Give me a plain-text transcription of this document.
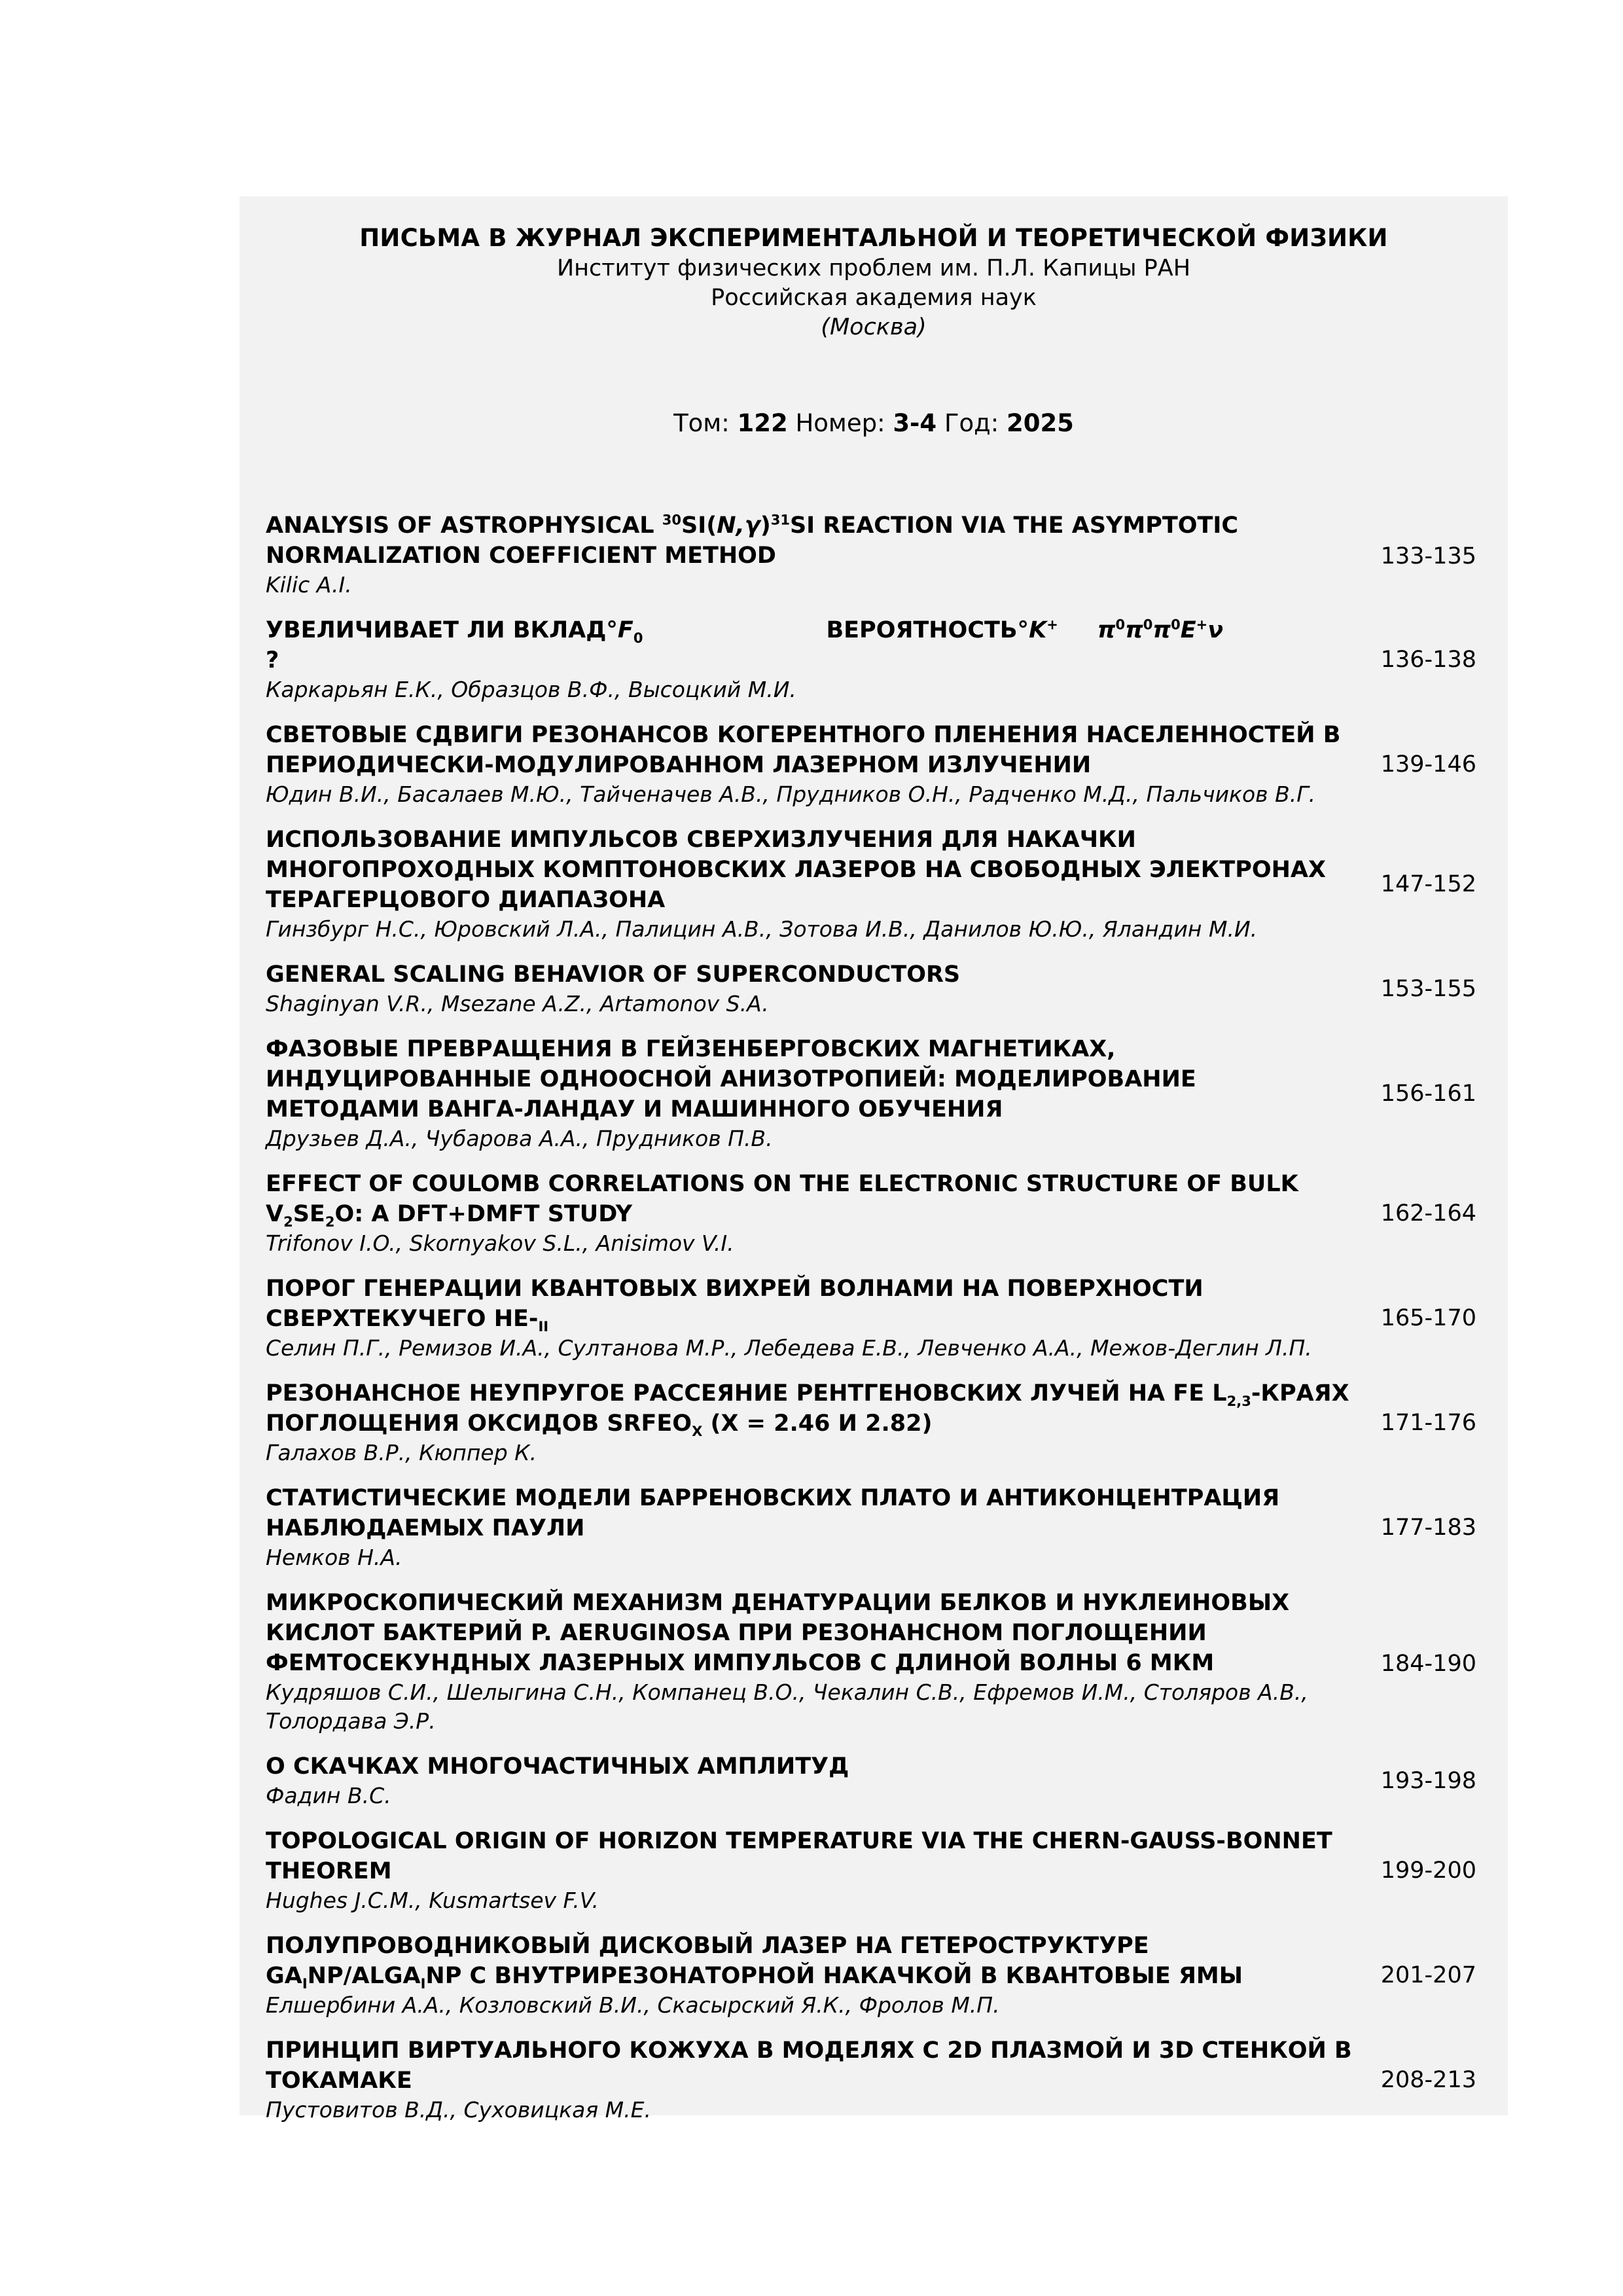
ПИСЬМА В ЖУРНАЛ ЭКСПЕРИМЕНТАЛЬНОЙ И ТЕОРЕТИЧЕСКОЙ ФИЗИКИ
Институт физических проблем им. П.Л. Капицы РАН
Российская академия наук
(Москва)
Том: 122 Номер: 3-4 Год: 2025
ANALYSIS OF ASTROPHYSICAL $^{30}SI(N,\gamma)^{31}SI$ REACTION VIA THE ASYMPTOTIC NORMALIZATION COEFFICIENT METHOD
Kilic A.I.
133-135
УВЕЛИЧИВАЕТ ЛИ $ВКЛАД^\circ F_0$	ВЕРОЯТНОСТЬ°K+ $\pi^0\pi^0\pi^0E^+\nu$?
Каркарьян Е.К., Образцов В.Ф., Высоцкий М.И.
136-138
СВЕТОВЫЕ СДВИГИ РЕЗОНАНСОВ КОГЕРЕНТНОГО ПЛЕНЕНИЯ НАСЕЛЕННОСТЕЙ В ПЕРИОДИЧЕСКИ-МОДУЛИРОВАННОМ ЛАЗЕРНОМ ИЗЛУЧЕНИИ
Юдин В.И., Басалаев М.Ю., Тайченачев А.В., Прудников О.Н., Радченко М.Д., Пальчиков В.Г.
139-146
ИСПОЛЬЗОВАНИЕ ИМПУЛЬСОВ СВЕРХИЗЛУЧЕНИЯ ДЛЯ НАКАЧКИ МНОГОПРОХОДНЫХ КОМПТОНОВСКИХ ЛАЗЕРОВ НА СВОБОДНЫХ ЭЛЕКТРОНАХ ТЕРАГЕРЦОВОГО ДИАПАЗОНА
Гинзбург Н.С., Юровский Л.А., Палицин А.В., Зотова И.В., Данилов Ю.Ю., Яландин М.И.
147-152
GENERAL SCALING BEHAVIOR OF SUPERCONDUCTORS
Shaginyan V.R., Msezane A.Z., Artamonov S.A.
153-155
ФАЗОВЫЕ ПРЕВРАЩЕНИЯ В ГЕЙЗЕНБЕРГОВСКИХ МАГНЕТИКАХ, ИНДУЦИРОВАННЫЕ ОДНООСНОЙ АНИЗОТРОПИЕЙ: МОДЕЛИРОВАНИЕ МЕТОДАМИ ВАНГА-ЛАНДАУ И МАШИННОГО ОБУЧЕНИЯ
Друзьев Д.А., Чубарова А.А., Прудников П.В.
156-161
EFFECT OF COULOMB CORRELATIONS ON THE ELECTRONIC STRUCTURE OF BULK $V_2SE_2O$: A DFT+DMFT STUDY
Trifonov I.O., Skornyakov S.L., Anisimov V.I.
162-164
ПОРОГ ГЕНЕРАЦИИ КВАНТОВЫХ ВИХРЕЙ ВОЛНАМИ НА ПОВЕРХНОСТИ СВЕРХТЕКУЧЕГО $HE-_{II}$
Селин П.Г., Ремизов И.А., Султанова М.Р., Лебедева Е.В., Левченко А.А., Межов-Деглин Л.П.
165-170
РЕЗОНАНСНОЕ НЕУПРУГОЕ РАССЕЯНИЕ РЕНТГЕНОВСКИХ ЛУЧЕЙ НА FE $L_{2,3}$-КРАЯХ ПОГЛОЩЕНИЯ ОКСИДОВ $SRFEO_X$ (X = 2.46 И 2.82)
Галахов В.Р., Кюппер К.
171-176
СТАТИСТИЧЕСКИЕ МОДЕЛИ БАРРЕНОВСКИХ ПЛАТО И АНТИКОНЦЕНТРАЦИЯ НАБЛЮДАЕМЫХ ПАУЛИ
Немков Н.А.
177-183
МИКРОСКОПИЧЕСКИЙ МЕХАНИЗМ ДЕНАТУРАЦИИ БЕЛКОВ И НУКЛЕИНОВЫХ КИСЛОТ БАКТЕРИЙ P. AERUGINOSA ПРИ РЕЗОНАНСНОМ ПОГЛОЩЕНИИ ФЕМТОСЕКУНДНЫХ ЛАЗЕРНЫХ ИМПУЛЬСОВ С ДЛИНОЙ ВОЛНЫ 6 МКМ
Кудряшов С.И., Шелыгина С.Н., Компанец В.О., Чекалин С.В., Ефремов И.М., Столяров А.В., Толордава Э.Р.
184-190
О СКАЧКАХ МНОГОЧАСТИЧНЫХ АМПЛИТУД
Фадин В.С.
193-198
TOPOLOGICAL ORIGIN OF HORIZON TEMPERATURE VIA THE CHERN-GAUSS-BONNET THEOREM
Hughes J.C.M., Kusmartsev F.V.
199-200
ПОЛУПРОВОДНИКОВЫЙ ДИСКОВЫЙ ЛАЗЕР НА ГЕТЕРОСТРУКТУРЕ $GA_INP/ALGA_INP$ С ВНУТРИРЕЗОНАТОРНОЙ НАКАЧКОЙ В КВАНТОВЫЕ ЯМЫ
Елшербини А.А., Козловский В.И., Скасырский Я.К., Фролов М.П.
201-207
ПРИНЦИП ВИРТУАЛЬНОГО КОЖУХА В МОДЕЛЯХ С 2D ПЛАЗМОЙ И 3D СТЕНКОЙ В ТОКАМАКЕ
Пустовитов В.Д., Суховицкая М.Е.
208-213
